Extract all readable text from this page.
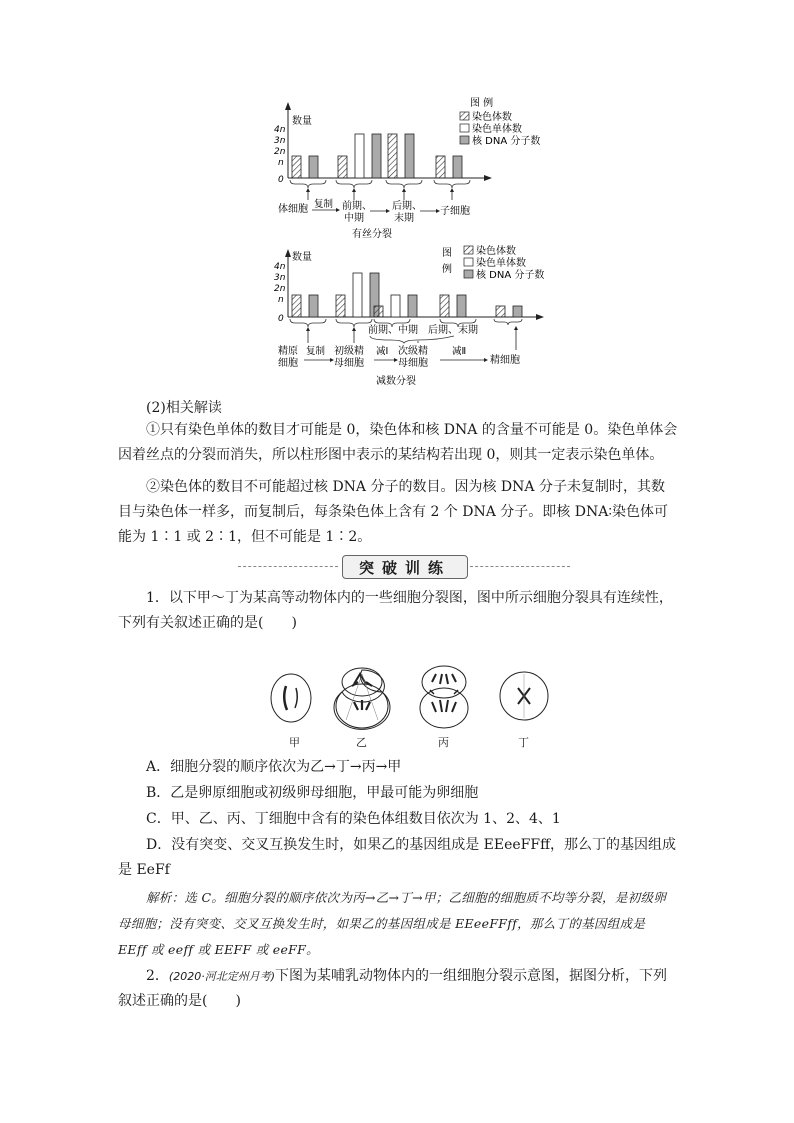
数量
4n
3n
2n
n
0
体细胞 复制 前期、
中期
后期、
末期
子细胞
有丝分裂
图 例
染色体数
染色单体数
核 DNA 分子数
数量
4n
3n
2n
n
0
前期、中期 后期、末期
精原
细胞
复制 初级精
母细胞
减Ⅰ 次级精
母细胞
减Ⅱ
精细胞
减数分裂
图
例
染色体数
染色单体数
核 DNA 分子数
(2)相关解读
①只有染色单体的数目才可能是 0，染色体和核 DNA 的含量不可能是 0。染色单体会因着丝点的分裂而消失，所以柱形图中表示的某结构若出现 0，则其一定表示染色单体。
②染色体的数目不可能超过核 DNA 分子的数目。因为核 DNA 分子未复制时，其数目与染色体一样多，而复制后，每条染色体上含有 2 个 DNA 分子。即核 DNA∶染色体可能为 1∶1 或 2∶1，但不可能是 1∶2。
突破训练
1．以下甲～丁为某高等动物体内的一些细胞分裂图，图中所示细胞分裂具有连续性，下列有关叙述正确的是(　　)
甲	乙	丙	丁
A．细胞分裂的顺序依次为乙→丁→丙→甲
B．乙是卵原细胞或初级卵母细胞，甲最可能为卵细胞
C．甲、乙、丙、丁细胞中含有的染色体组数目依次为 1、2、4、1
D．没有突变、交叉互换发生时，如果乙的基因组成是 EEeeFFff，那么丁的基因组成是 EeFf
解析：选 C。细胞分裂的顺序依次为丙→乙→丁→甲；乙细胞的细胞质不均等分裂，是初级卵母细胞；没有突变、交叉互换发生时，如果乙的基因组成是 EEeeFFff，那么丁的基因组成是 EEff 或 eeff 或 EEFF 或 eeFF。
2．(2020·河北定州月考)下图为某哺乳动物体内的一组细胞分裂示意图，据图分析，下列叙述正确的是(　　)
